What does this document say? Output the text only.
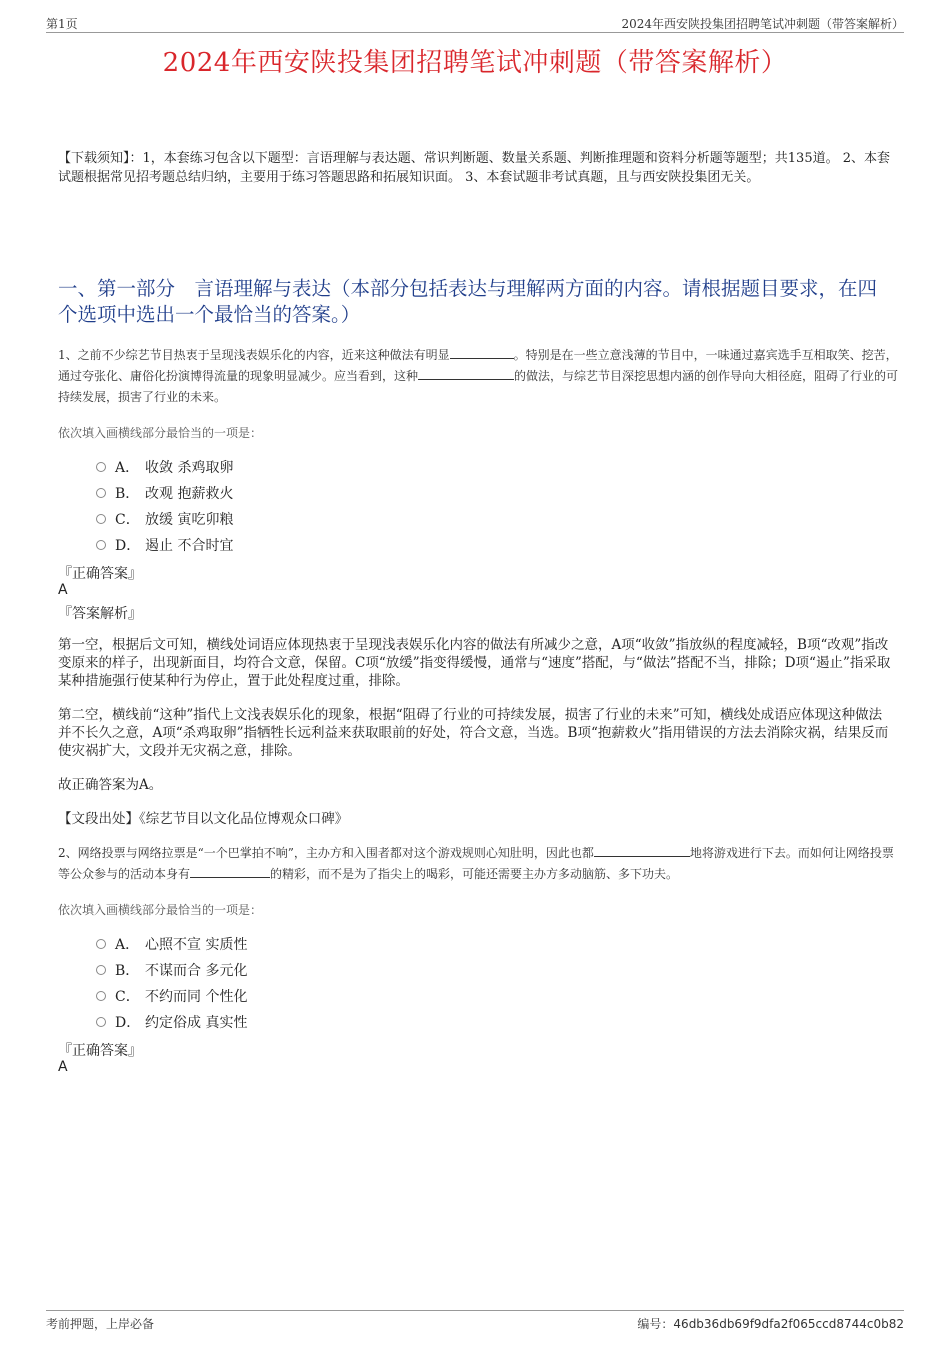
第1页	2024年西安陕投集团招聘笔试冲刺题（带答案解析）
2024年西安陕投集团招聘笔试冲刺题（带答案解析）
【下载须知】：1，本套练习包含以下题型：言语理解与表达题、常识判断题、数量关系题、判断推理题和资料分析题等题型；共135道。 2、本套试题根据常见招考题总结归纳，主要用于练习答题思路和拓展知识面。 3、本套试题非考试真题，且与西安陕投集团无关。
一、第一部分　言语理解与表达（本部分包括表达与理解两方面的内容。请根据题目要求，在四个选项中选出一个最恰当的答案。）
1、之前不少综艺节目热衷于呈现浅表娱乐化的内容，近来这种做法有明显	。特别是在一些立意浅薄的节目中，一味通过嘉宾选手互相取笑、挖苦，通过夸张化、庸俗化扮演博得流量的现象明显减少。应当看到，这种	的做法，与综艺节目深挖思想内涵的创作导向大相径庭，阻碍了行业的可持续发展，损害了行业的未来。
依次填入画横线部分最恰当的一项是：
A． 收敛 杀鸡取卵
B． 改观 抱薪救火
C． 放缓 寅吃卯粮
D． 遏止 不合时宜
『正确答案』
A
『答案解析』
第一空，根据后文可知，横线处词语应体现热衷于呈现浅表娱乐化内容的做法有所减少之意，A项“收敛”指放纵的程度减轻，B项“改观”指改变原来的样子，出现新面目，均符合文意，保留。C项“放缓”指变得缓慢，通常与“速度”搭配，与“做法”搭配不当，排除；D项“遏止”指采取某种措施强行使某种行为停止，置于此处程度过重，排除。
第二空，横线前“这种”指代上文浅表娱乐化的现象，根据“阻碍了行业的可持续发展，损害了行业的未来”可知，横线处成语应体现这种做法并不长久之意，A项“杀鸡取卵”指牺牲长远利益来获取眼前的好处，符合文意，当选。B项“抱薪救火”指用错误的方法去消除灾祸，结果反而使灾祸扩大，文段并无灾祸之意，排除。
故正确答案为A。
【文段出处】《综艺节目以文化品位博观众口碑》
2、网络投票与网络拉票是“一个巴掌拍不响”，主办方和入围者都对这个游戏规则心知肚明，因此也都	地将游戏进行下去。而如何让网络投票等公众参与的活动本身有	的精彩，而不是为了指尖上的喝彩，可能还需要主办方多动脑筋、多下功夫。
依次填入画横线部分最恰当的一项是：
A． 心照不宣 实质性
B． 不谋而合 多元化
C． 不约而同 个性化
D． 约定俗成 真实性
『正确答案』
A
考前押题，上岸必备	编号：46db36db69f9dfa2f065ccd8744c0b82
